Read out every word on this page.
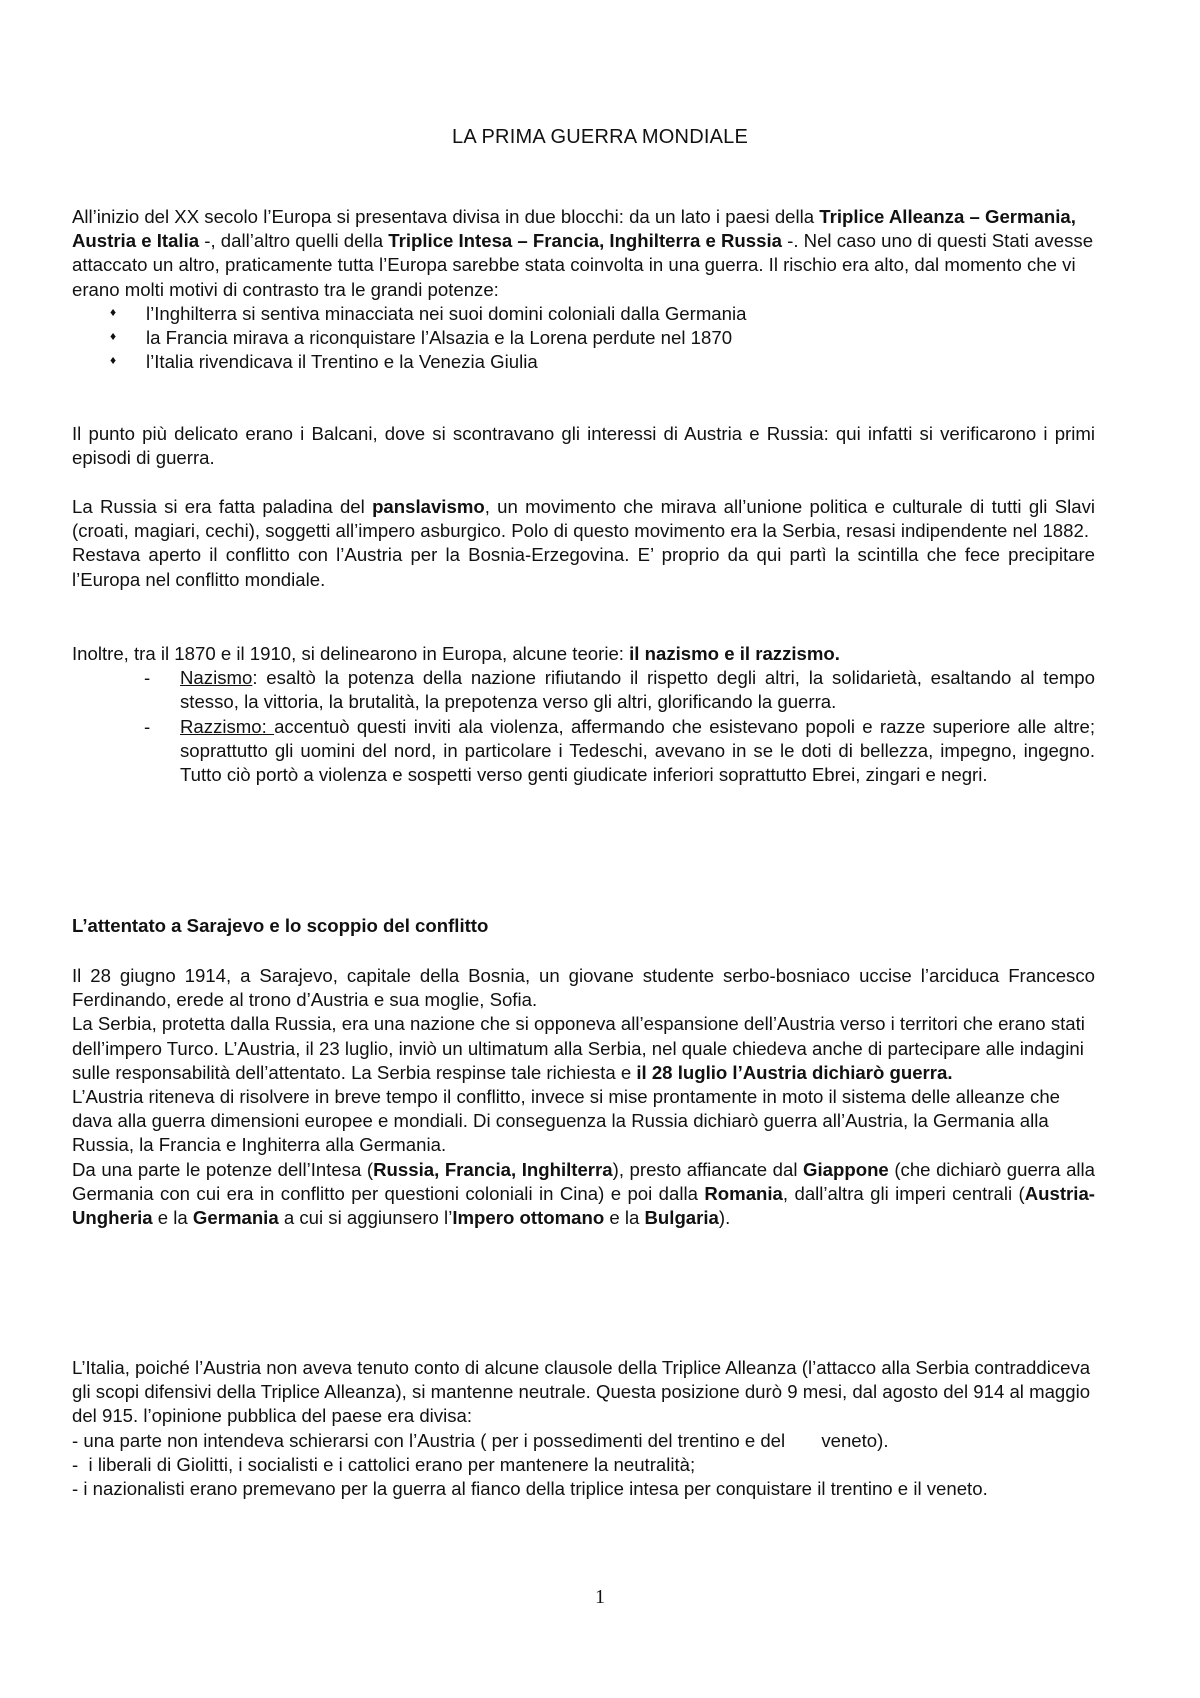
LA PRIMA GUERRA MONDIALE

All’inizio del XX secolo l’Europa si presentava divisa in due blocchi: da un lato i paesi della Triplice Alleanza – Germania, Austria e Italia -, dall’altro quelli della Triplice Intesa – Francia, Inghilterra e Russia -. Nel caso uno di questi Stati avesse attaccato un altro, praticamente tutta l’Europa sarebbe stata coinvolta in una guerra. Il rischio era alto, dal momento che vi erano molti motivi di contrasto tra le grandi potenze:

♦ l’Inghilterra si sentiva minacciata nei suoi domini coloniali dalla Germania
♦ la Francia mirava a riconquistare l’Alsazia e la Lorena perdute nel 1870
♦ l’Italia rivendicava il Trentino e la Venezia Giulia
Il punto più delicato erano i Balcani, dove si scontravano gli interessi di Austria e Russia: qui infatti si verificarono i primi episodi di guerra.

La Russia si era fatta paladina del panslavismo, un movimento che mirava all’unione politica e culturale di tutti gli Slavi (croati, magiari, cechi), soggetti all’impero asburgico. Polo di questo movimento era la Serbia, resasi indipendente nel 1882.

Restava aperto il conflitto con l’Austria per la Bosnia-Erzegovina. E’ proprio da qui partì la scintilla che fece precipitare l’Europa nel conflitto mondiale.

Inoltre, tra il 1870 e il 1910, si delinearono in Europa, alcune teorie: il nazismo e il razzismo.

- Nazismo: esaltò la potenza della nazione rifiutando il rispetto degli altri, la solidarietà, esaltando al tempo stesso, la vittoria, la brutalità, la prepotenza verso gli altri, glorificando la guerra.
- Razzismo: accentuò questi inviti ala violenza, affermando che esistevano popoli e razze superiore alle altre; soprattutto gli uomini del nord, in particolare i Tedeschi, avevano in se le doti di bellezza, impegno, ingegno. Tutto ciò portò a violenza e sospetti verso genti giudicate inferiori soprattutto Ebrei, zingari e negri.
L’attentato a Sarajevo e lo scoppio del conflitto

Il 28 giugno 1914, a Sarajevo, capitale della Bosnia, un giovane studente serbo-bosniaco uccise l’arciduca Francesco Ferdinando, erede al trono d’Austria e sua moglie, Sofia.

La Serbia, protetta dalla Russia, era una nazione che si opponeva all’espansione dell’Austria verso i territori che erano stati dell’impero Turco. L’Austria, il 23 luglio, inviò un ultimatum alla Serbia, nel quale chiedeva anche di partecipare alle indagini sulle responsabilità dell’attentato. La Serbia respinse tale richiesta e il 28 luglio l’Austria dichiarò guerra.

L’Austria riteneva di risolvere in breve tempo il conflitto, invece si mise prontamente in moto il sistema delle alleanze che dava alla guerra dimensioni europee e mondiali. Di conseguenza la Russia dichiarò guerra all’Austria, la Germania alla Russia, la Francia e Inghiterra alla Germania.

Da una parte le potenze dell’Intesa (Russia, Francia, Inghilterra), presto affiancate dal Giappone (che dichiarò guerra alla Germania con cui era in conflitto per questioni coloniali in Cina) e poi dalla Romania, dall’altra gli imperi centrali (Austria-Ungheria e la Germania a cui si aggiunsero l’Impero ottomano e la Bulgaria).

L’Italia, poiché l’Austria non aveva tenuto conto di alcune clausole della Triplice Alleanza (l’attacco alla Serbia contraddiceva gli scopi difensivi della Triplice Alleanza), si mantenne neutrale. Questa posizione durò 9 mesi, dal agosto del 914 al maggio del 915. l’opinione pubblica del paese era divisa:

- una parte non intendeva schierarsi con l’Austria ( per i possedimenti del trentino e del       veneto).

-  i liberali di Giolitti, i socialisti e i cattolici erano per mantenere la neutralità;

- i nazionalisti erano premevano per la guerra al fianco della triplice intesa per conquistare il trentino e il veneto.

1
